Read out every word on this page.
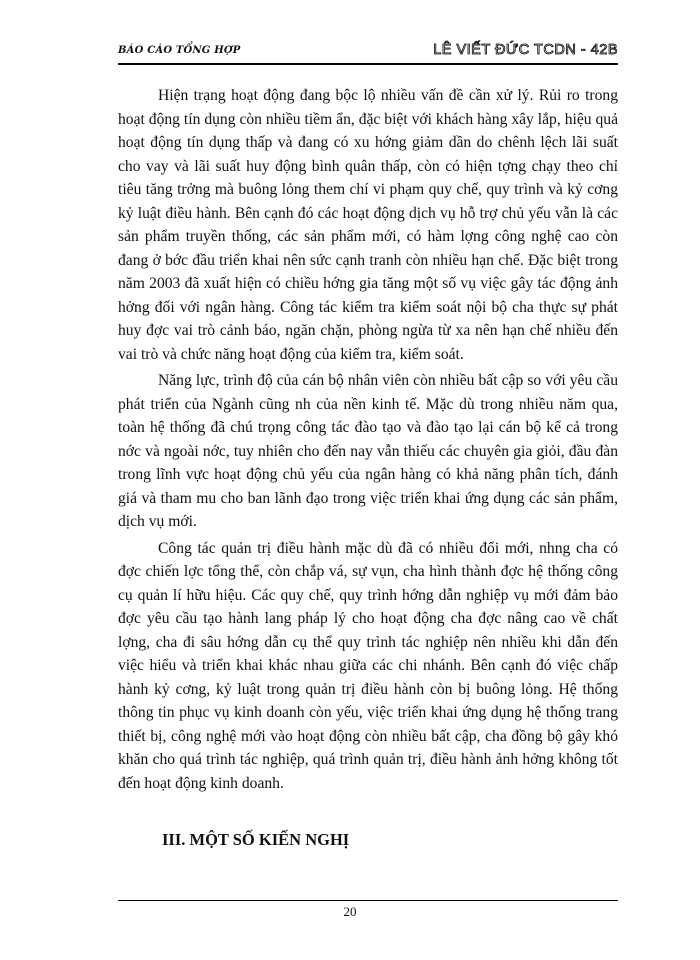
BÁO CÁO TỔNG HỢP	LÊ VIẾT ĐỨC TCDN - 42B

Hiện trạng hoạt động đang bộc lộ nhiều vấn đề cần xử lý. Rủi ro trong hoạt động tín dụng còn nhiều tiềm ẩn, đặc biệt với khách hàng xây lắp, hiệu quả hoạt động tín dụng thấp và đang có xu hớng giảm dần do chênh lệch lãi suất cho vay và lãi suất huy động bình quân thấp, còn có hiện tợng chạy theo chỉ tiêu tăng trởng mà buông lỏng them chí vi phạm quy chế, quy trình và kỷ cơng kỷ luật điều hành. Bên cạnh đó các hoạt động dịch vụ hỗ trợ chủ yếu vẫn là các sản phẩm truyền thống, các sản phẩm mới, có hàm lợng công nghệ cao còn đang ở bớc đầu triển khai nên sức cạnh tranh còn nhiều hạn chế. Đặc biệt trong năm 2003 đã xuất hiện có chiều hớng gia tăng một số vụ việc gây tác động ảnh hởng đối với ngân hàng. Công tác kiểm tra kiểm soát nội bộ cha thực sự phát huy đợc vai trò cảnh báo, ngăn chặn, phòng ngừa từ xa nên hạn chế nhiều đến vai trò và chức năng hoạt động của kiểm tra, kiểm soát.

Năng lực, trình độ của cán bộ nhân viên còn nhiều bất cập so với yêu cầu phát triển của Ngành cũng nh của nền kinh tế. Mặc dù trong nhiều năm qua, toàn hệ thống đã chú trọng công tác đào tạo và đào tạo lại cán bộ kể cả trong nớc và ngoài nớc, tuy nhiên cho đến nay vẫn thiếu các chuyên gia giỏi, đầu đàn trong lĩnh vực hoạt động chủ yếu của ngân hàng có khả năng phân tích, đánh giá và tham mu cho ban lãnh đạo trong việc triển khai ứng dụng các sản phẩm, dịch vụ mới.

Công tác quản trị điều hành mặc dù đã có nhiều đổi mới, nhng cha có đợc chiến lợc tổng thể, còn chắp vá, sự vụn, cha hình thành đợc hệ thống công cụ quản lí hữu hiệu. Các quy chế, quy trình hớng dẫn nghiệp vụ mới đảm bảo đợc yêu cầu tạo hành lang pháp lý cho hoạt động cha đợc nâng cao về chất lợng, cha đi sâu hớng dẫn cụ thể quy trình tác nghiệp nên nhiều khi dẫn đến việc hiểu và triển khai khác nhau giữa các chi nhánh. Bên cạnh đó việc chấp hành kỷ cơng, kỷ luật trong quản trị điều hành còn bị buông lỏng. Hệ thống thông tin phục vụ kinh doanh còn yếu, việc triển khai ứng dụng hệ thống trang thiết bị, công nghệ mới vào hoạt động còn nhiều bất cập, cha đồng bộ gây khó khăn cho quá trình tác nghiệp, quá trình quản trị, điều hành ảnh hởng không tốt đến hoạt động kinh doanh.

III. MỘT SỐ KIẾN NGHỊ
20
